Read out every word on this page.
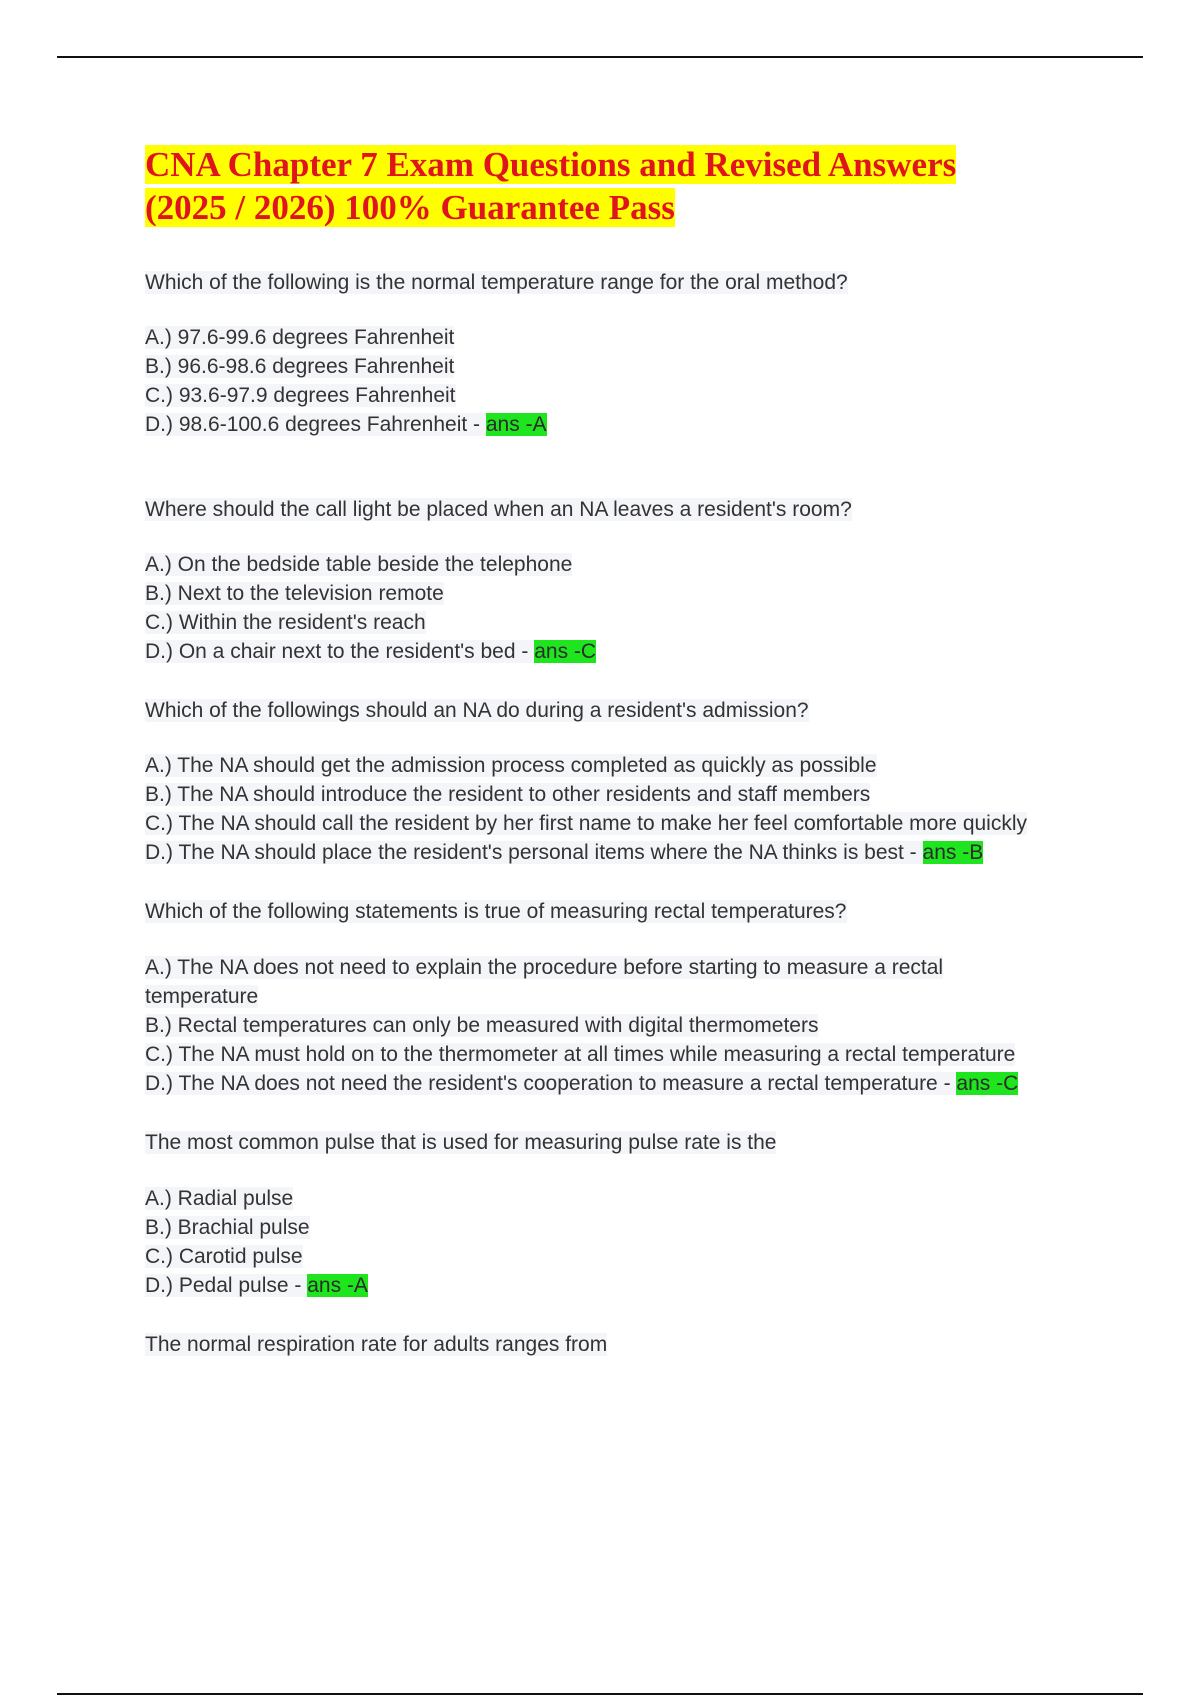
CNA Chapter 7 Exam Questions and Revised Answers
(2025 / 2026) 100% Guarantee Pass
Which of the following is the normal temperature range for the oral method?
A.) 97.6-99.6 degrees Fahrenheit
B.) 96.6-98.6 degrees Fahrenheit
C.) 93.6-97.9 degrees Fahrenheit
D.) 98.6-100.6 degrees Fahrenheit - ans -A
Where should the call light be placed when an NA leaves a resident's room?
A.) On the bedside table beside the telephone
B.) Next to the television remote
C.) Within the resident's reach
D.) On a chair next to the resident's bed - ans -C
Which of the followings should an NA do during a resident's admission?
A.) The NA should get the admission process completed as quickly as possible
B.) The NA should introduce the resident to other residents and staff members
C.) The NA should call the resident by her first name to make her feel comfortable more quickly
D.) The NA should place the resident's personal items where the NA thinks is best - ans -B
Which of the following statements is true of measuring rectal temperatures?
A.) The NA does not need to explain the procedure before starting to measure a rectal
temperature
B.) Rectal temperatures can only be measured with digital thermometers
C.) The NA must hold on to the thermometer at all times while measuring a rectal temperature
D.) The NA does not need the resident's cooperation to measure a rectal temperature - ans -C
The most common pulse that is used for measuring pulse rate is the
A.) Radial pulse
B.) Brachial pulse
C.) Carotid pulse
D.) Pedal pulse - ans -A
The normal respiration rate for adults ranges from
